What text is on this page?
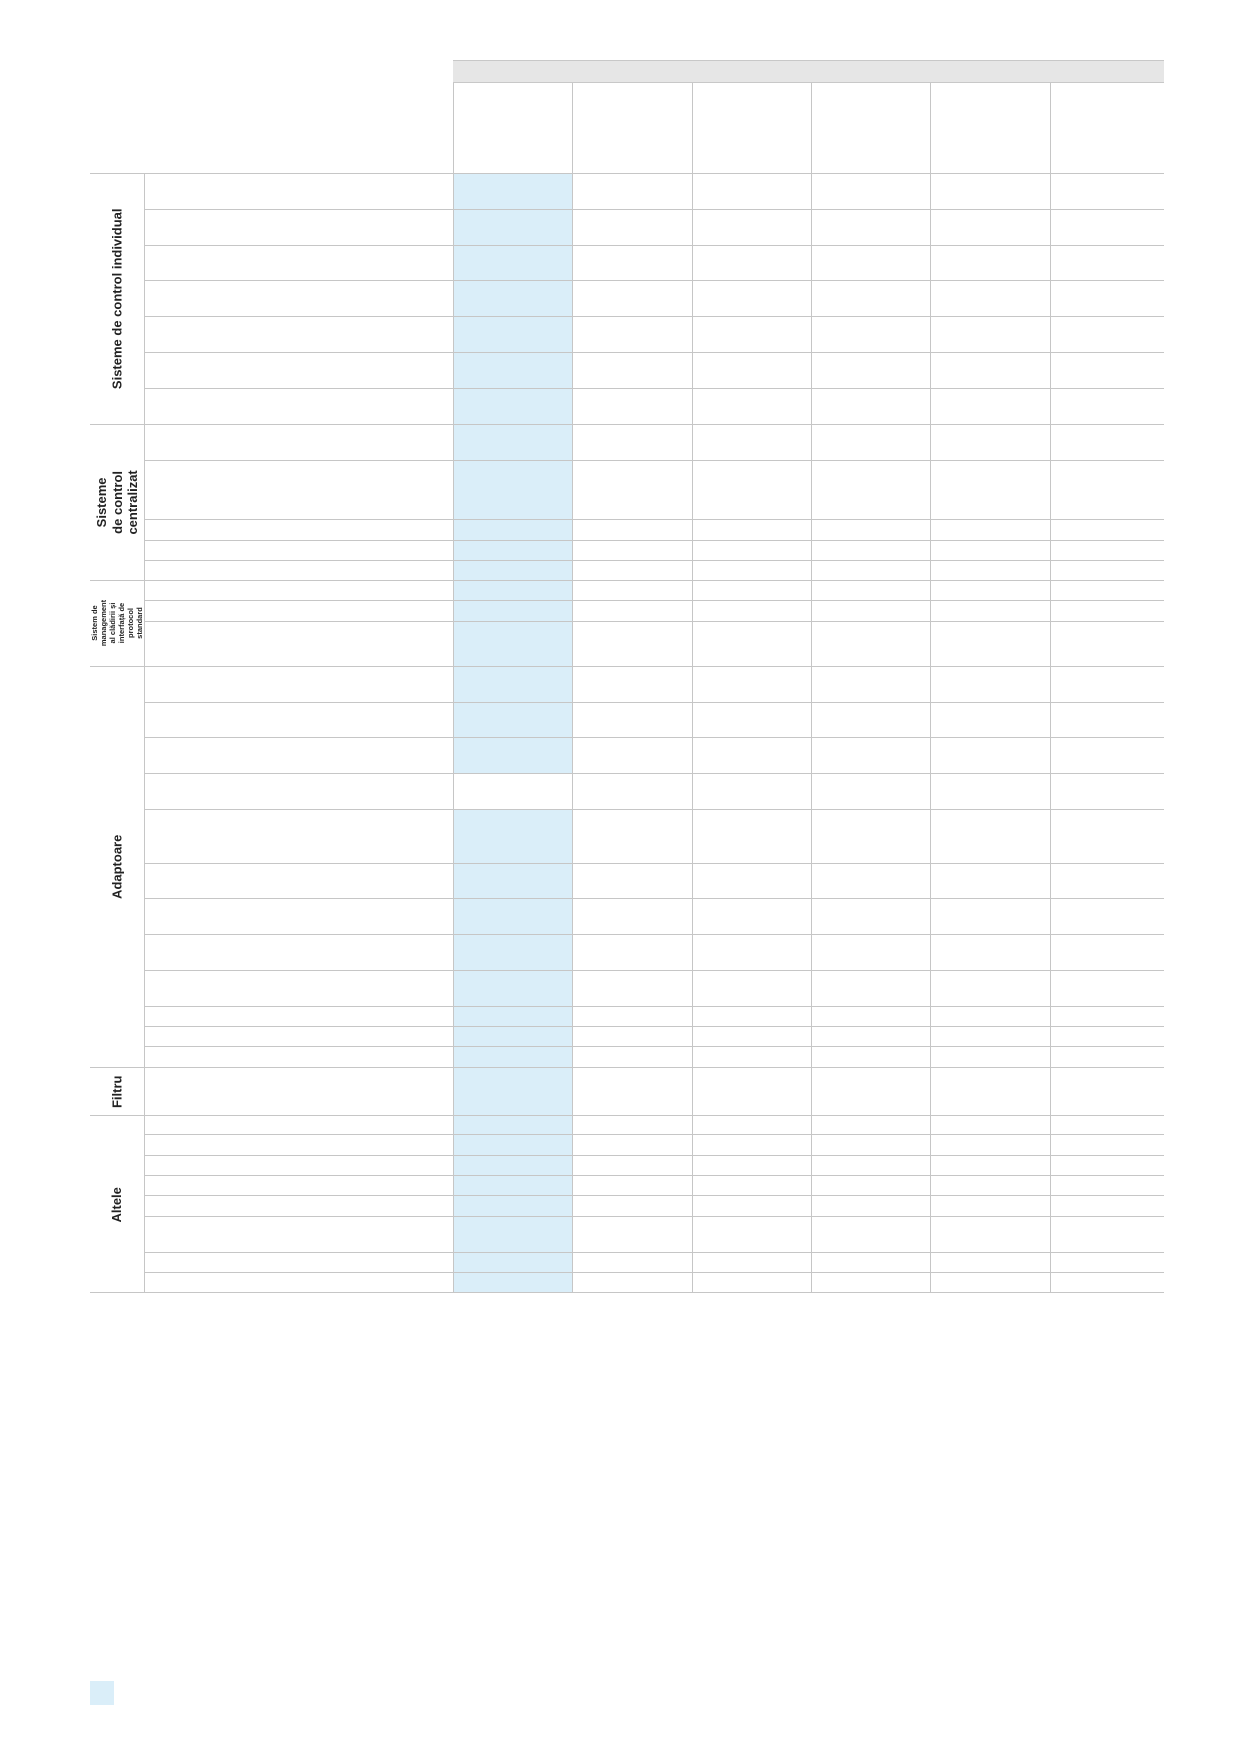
Sisteme de control individual
Sisteme de control centralizat
Sistem de management al clădirii și interfață de protocol standard
Adaptoare
Filtru
Altele
